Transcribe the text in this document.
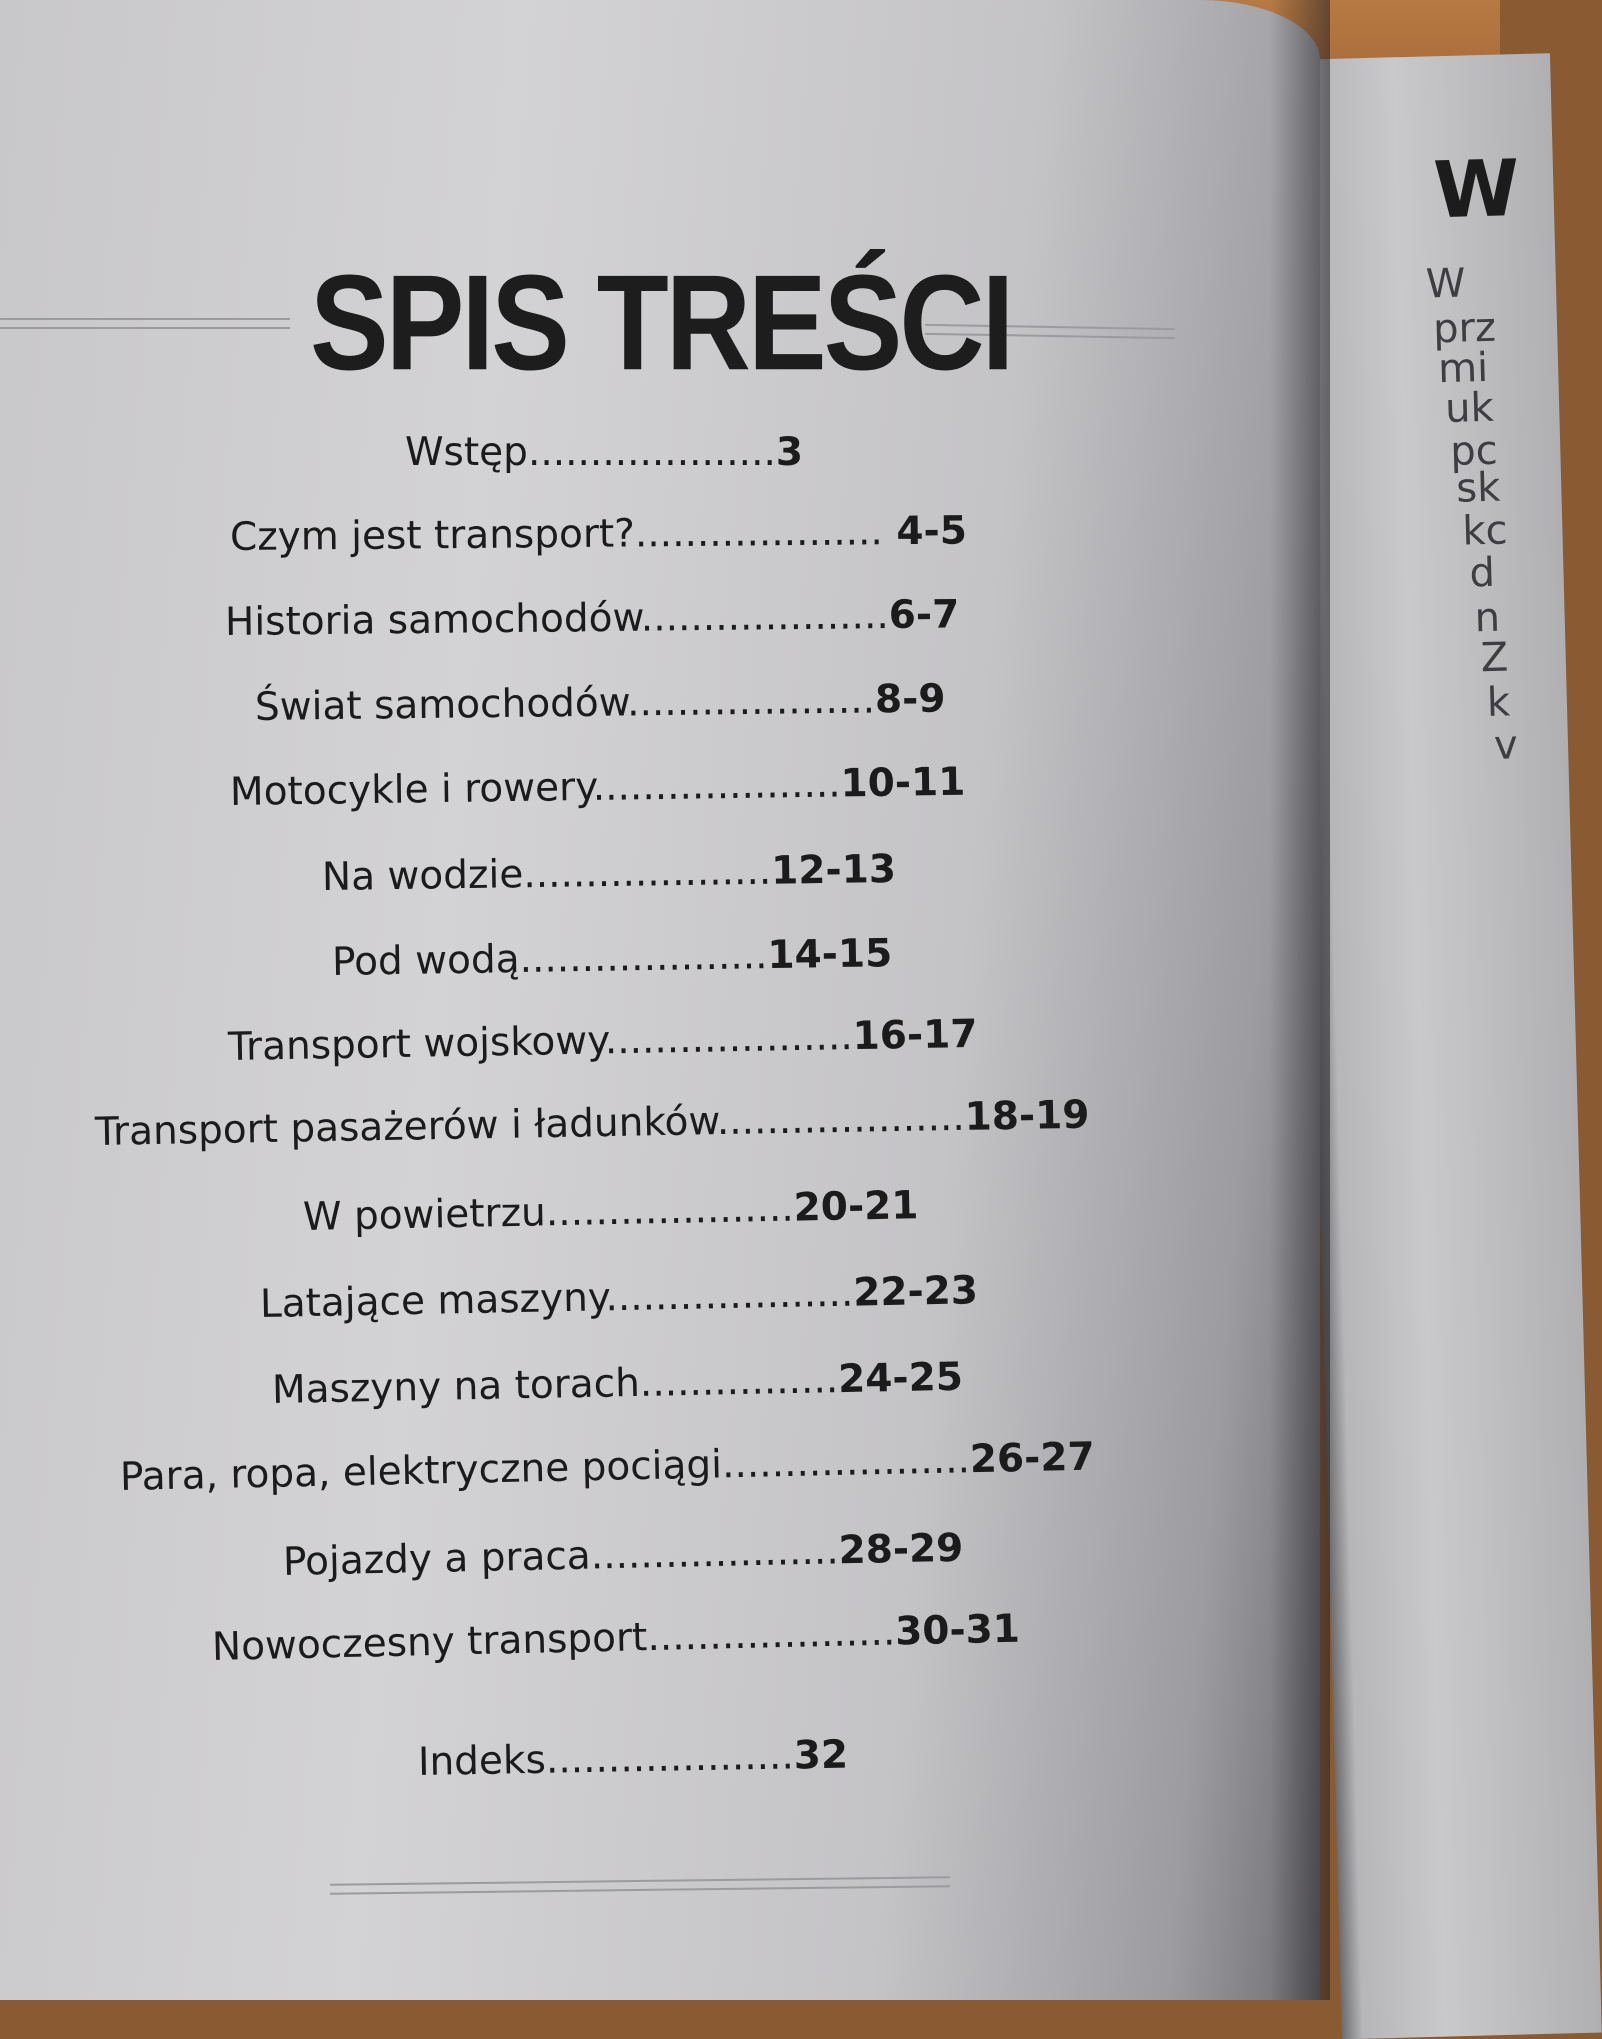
W
W
prz
mi
uk
pc
sk
kc
d
n
Z
k
v
SPIS TREŚCI
Wstęp....................3
Czym jest transport?.................... 4-5
Historia samochodów....................6-7
Świat samochodów....................8-9
Motocykle i rowery....................10-11
Na wodzie....................12-13
Pod wodą....................14-15
Transport wojskowy....................16-17
Transport pasażerów i ładunków....................18-19
W powietrzu....................20-21
Latające maszyny....................22-23
Maszyny na torach................24-25
Para, ropa, elektryczne pociągi....................26-27
Pojazdy a praca....................28-29
Nowoczesny transport....................30-31
Indeks....................32
